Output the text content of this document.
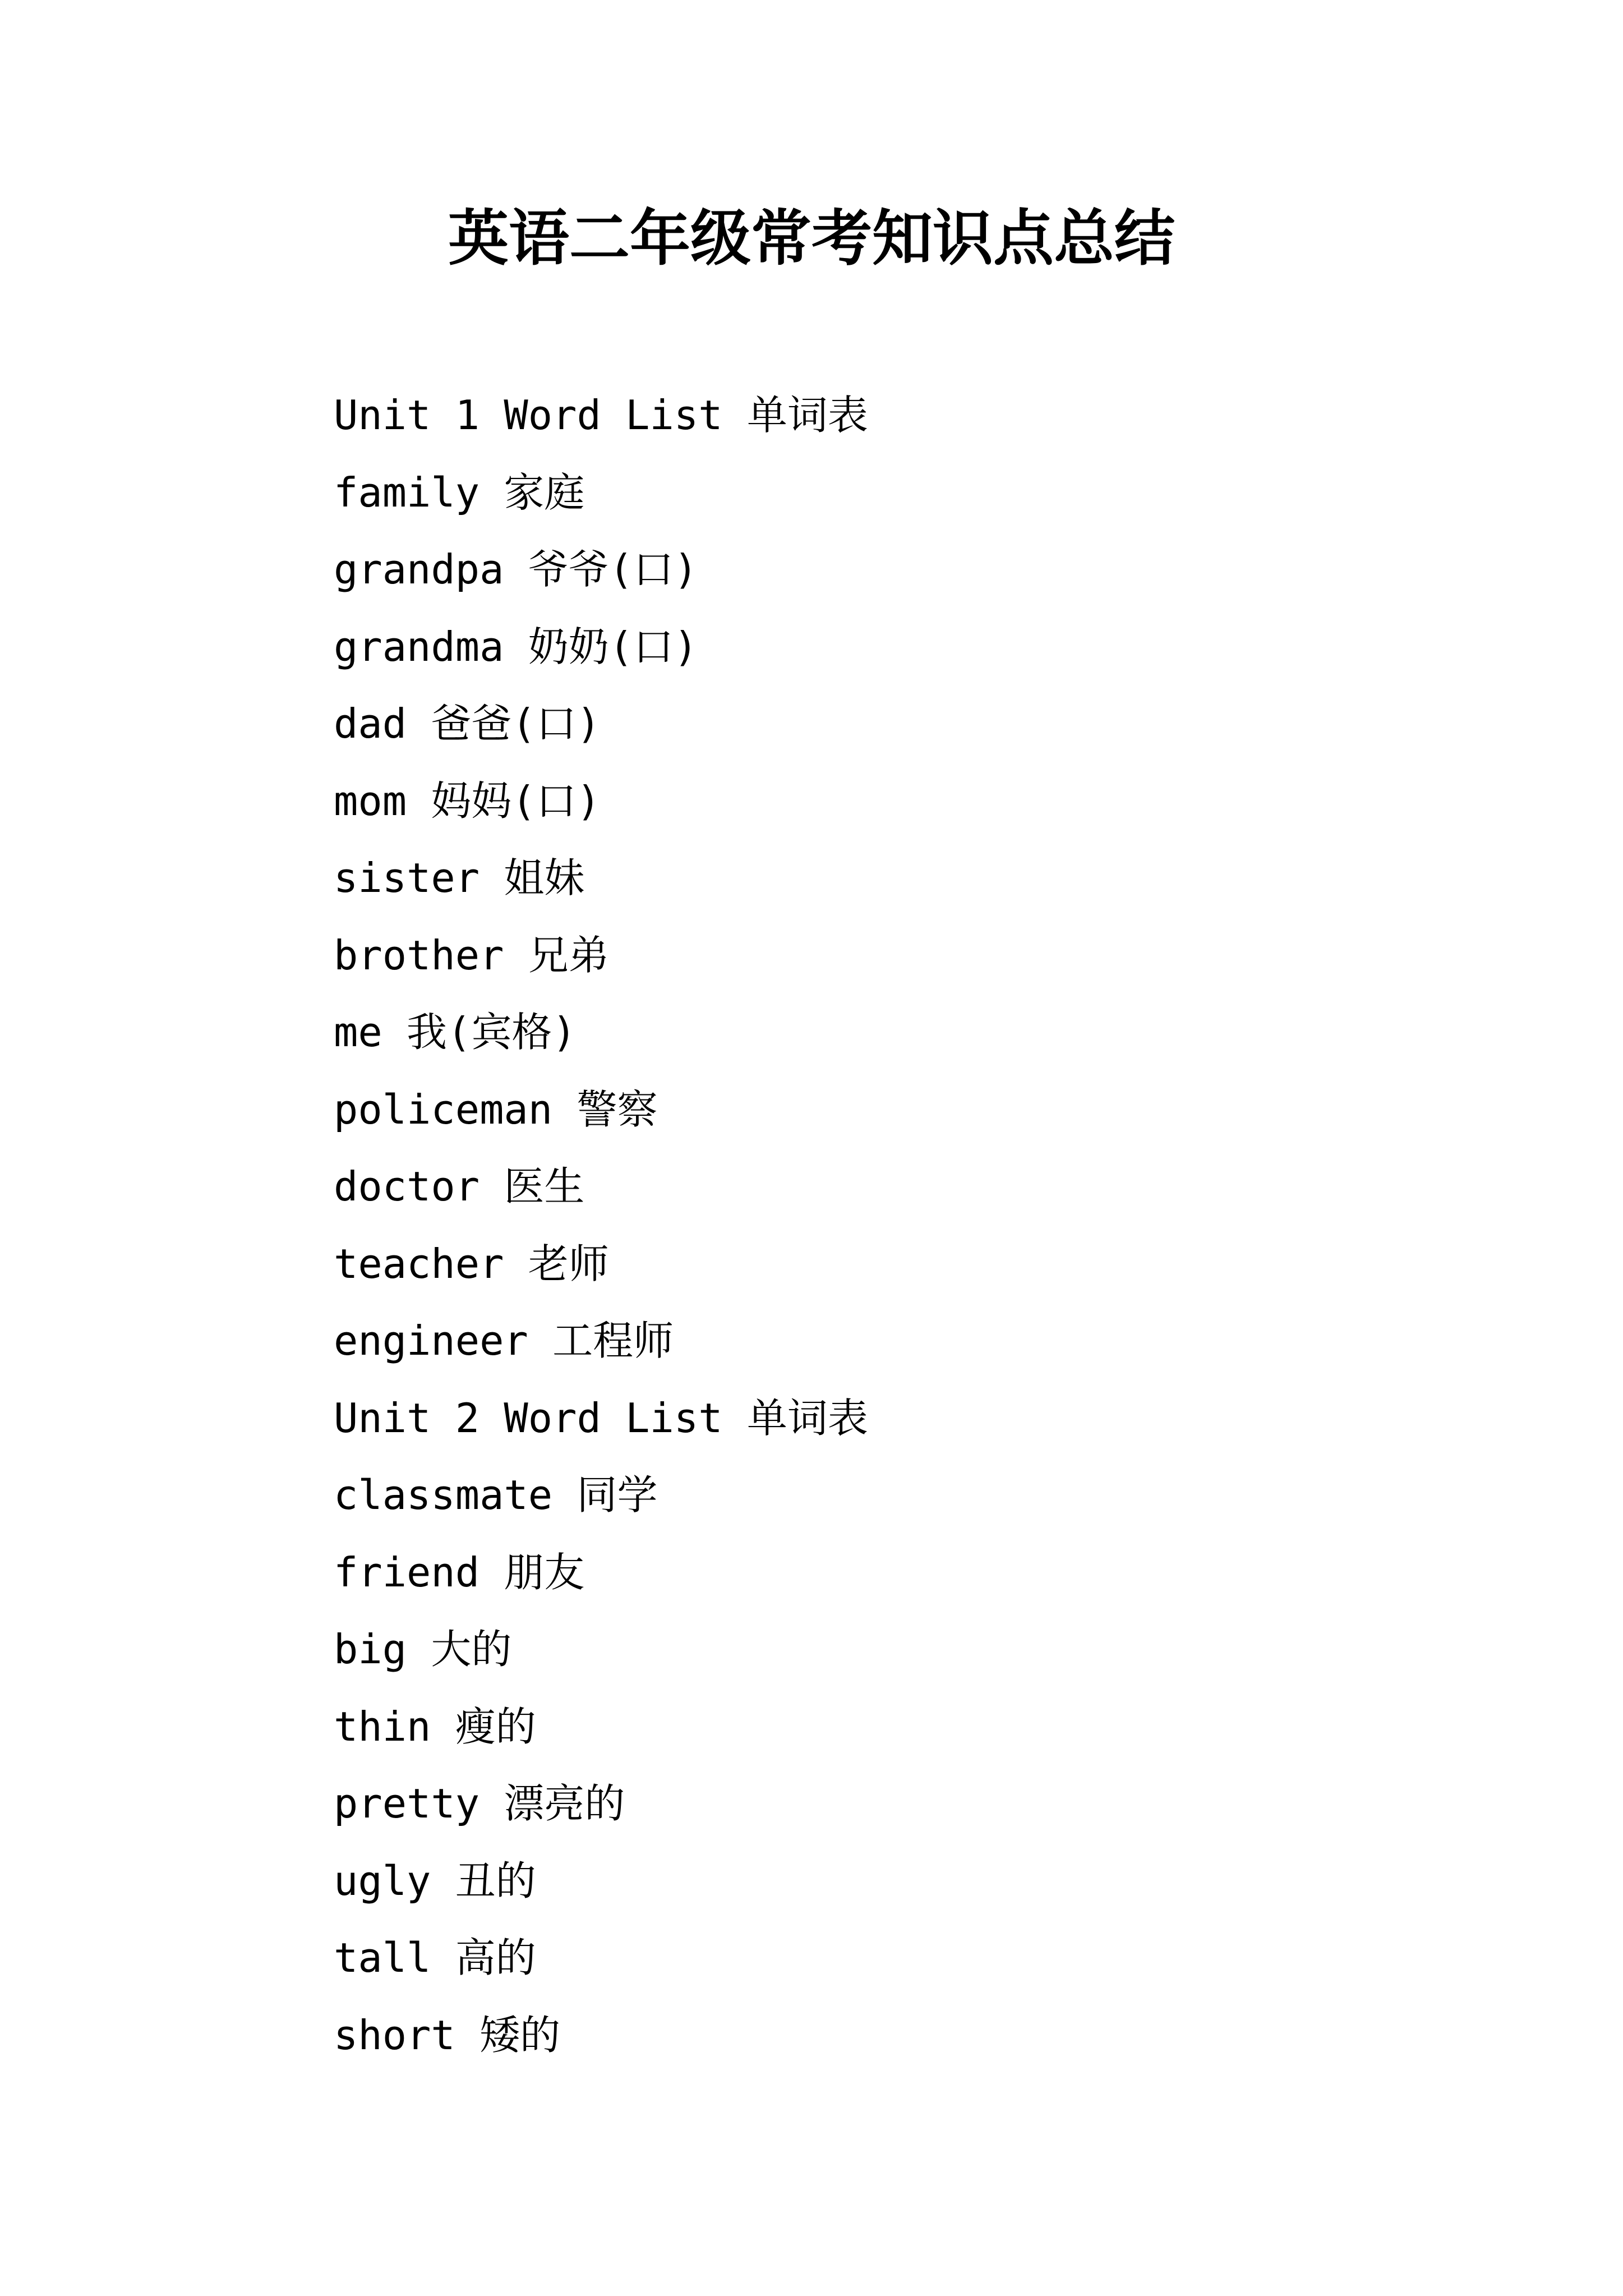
英语二年级常考知识点总结
Unit 1 Word List 单词表
family 家庭
grandpa 爷爷(口)
grandma 奶奶(口)
dad 爸爸(口)
mom 妈妈(口)
sister 姐妹
brother 兄弟
me 我(宾格)
policeman 警察
doctor 医生
teacher 老师
engineer 工程师
Unit 2 Word List 单词表
classmate 同学
friend 朋友
big 大的
thin 瘦的
pretty 漂亮的
ugly 丑的
tall 高的
short 矮的
